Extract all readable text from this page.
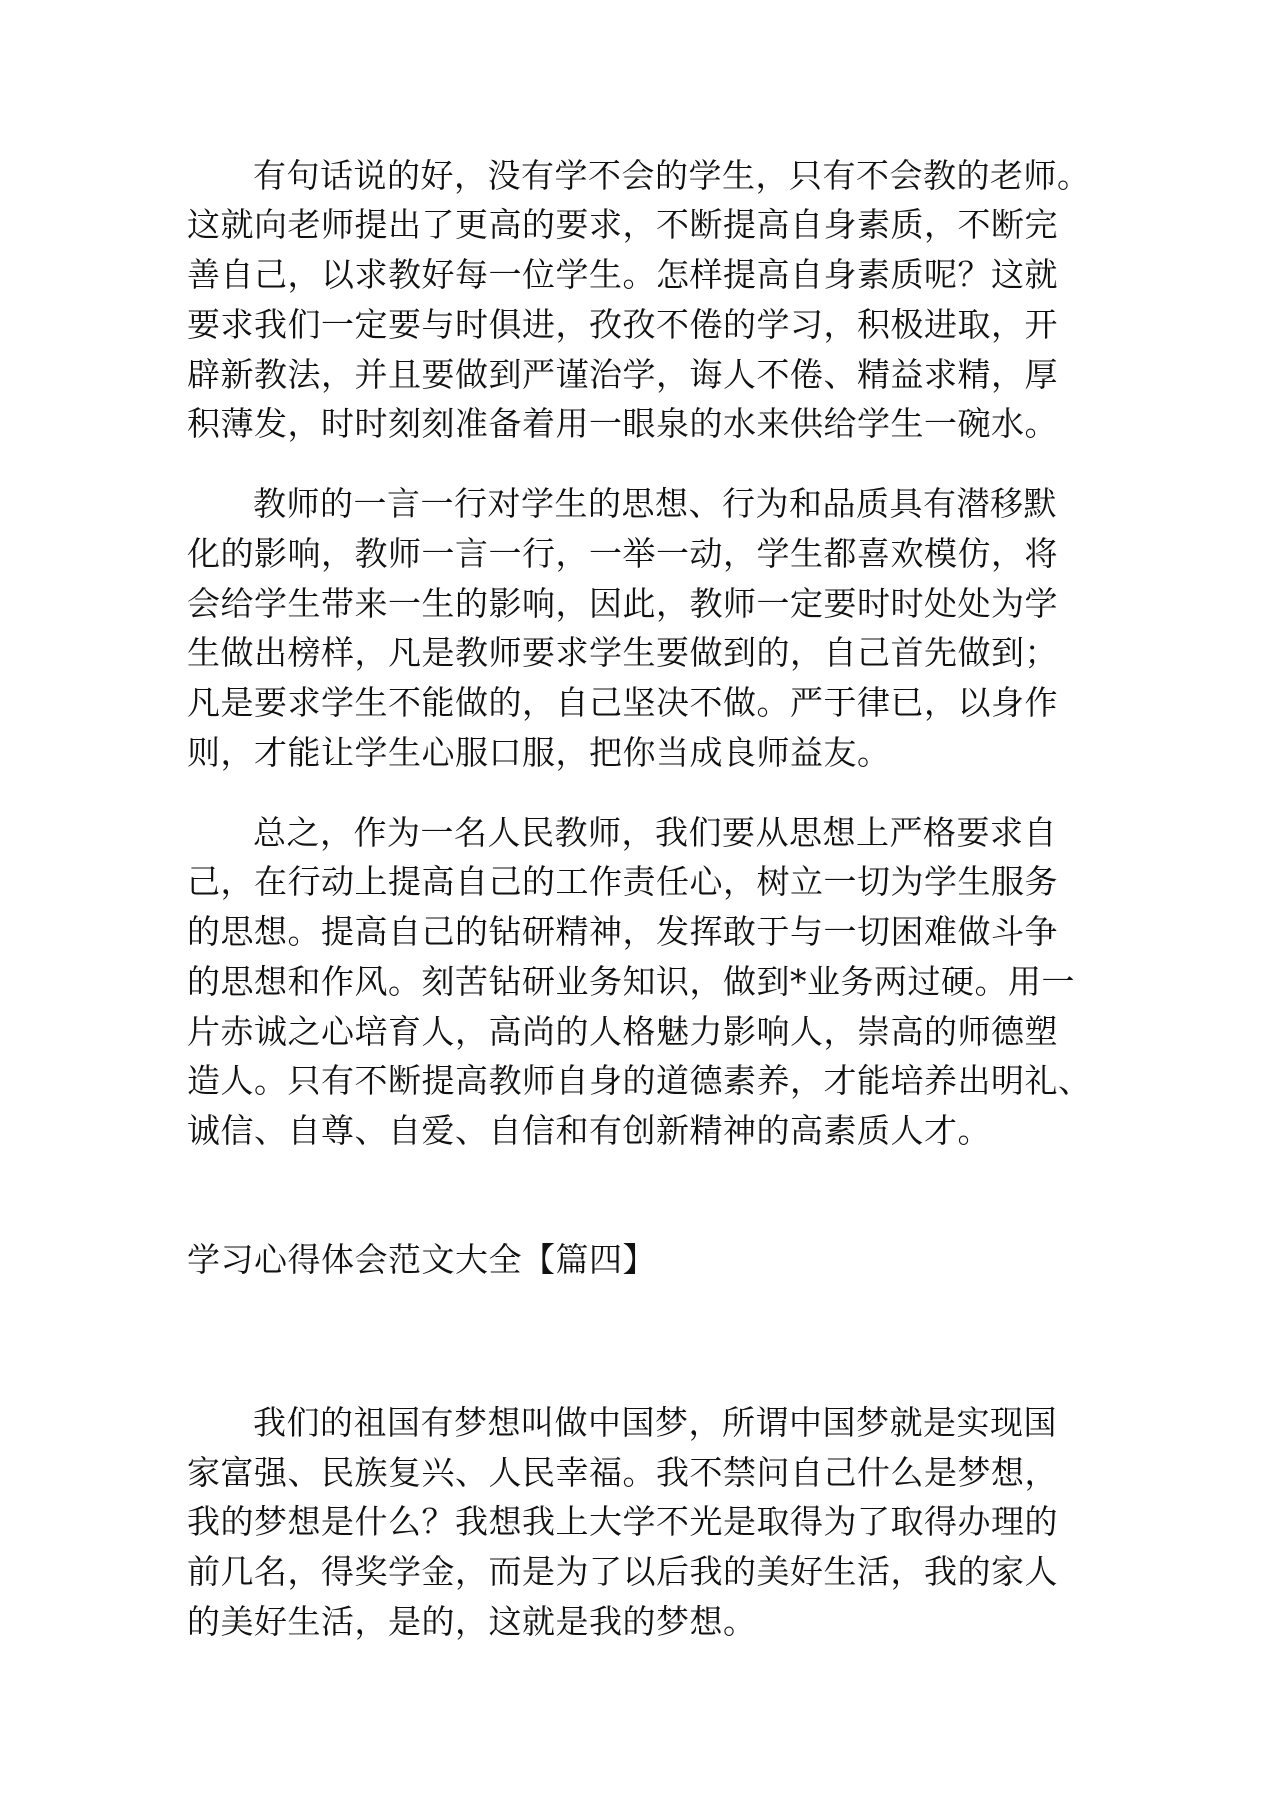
有句话说的好，没有学不会的学生，只有不会教的老师。
这就向老师提出了更高的要求，不断提高自身素质，不断完
善自己，以求教好每一位学生。怎样提高自身素质呢？这就
要求我们一定要与时俱进，孜孜不倦的学习，积极进取，开
辟新教法，并且要做到严谨治学，诲人不倦、精益求精，厚
积薄发，时时刻刻准备着用一眼泉的水来供给学生一碗水。
教师的一言一行对学生的思想、行为和品质具有潜移默
化的影响，教师一言一行，一举一动，学生都喜欢模仿，将
会给学生带来一生的影响，因此，教师一定要时时处处为学
生做出榜样，凡是教师要求学生要做到的，自己首先做到；
凡是要求学生不能做的，自己坚决不做。严于律已，以身作
则，才能让学生心服口服，把你当成良师益友。
总之，作为一名人民教师，我们要从思想上严格要求自
己，在行动上提高自己的工作责任心，树立一切为学生服务
的思想。提高自己的钻研精神，发挥敢于与一切困难做斗争
的思想和作风。刻苦钻研业务知识，做到*业务两过硬。用一
片赤诚之心培育人，高尚的人格魅力影响人，崇高的师德塑
造人。只有不断提高教师自身的道德素养，才能培养出明礼、
诚信、自尊、自爱、自信和有创新精神的高素质人才。
学习心得体会范文大全【篇四】
我们的祖国有梦想叫做中国梦，所谓中国梦就是实现国
家富强、民族复兴、人民幸福。我不禁问自己什么是梦想，
我的梦想是什么？我想我上大学不光是取得为了取得办理的
前几名，得奖学金，而是为了以后我的美好生活，我的家人
的美好生活，是的，这就是我的梦想。
